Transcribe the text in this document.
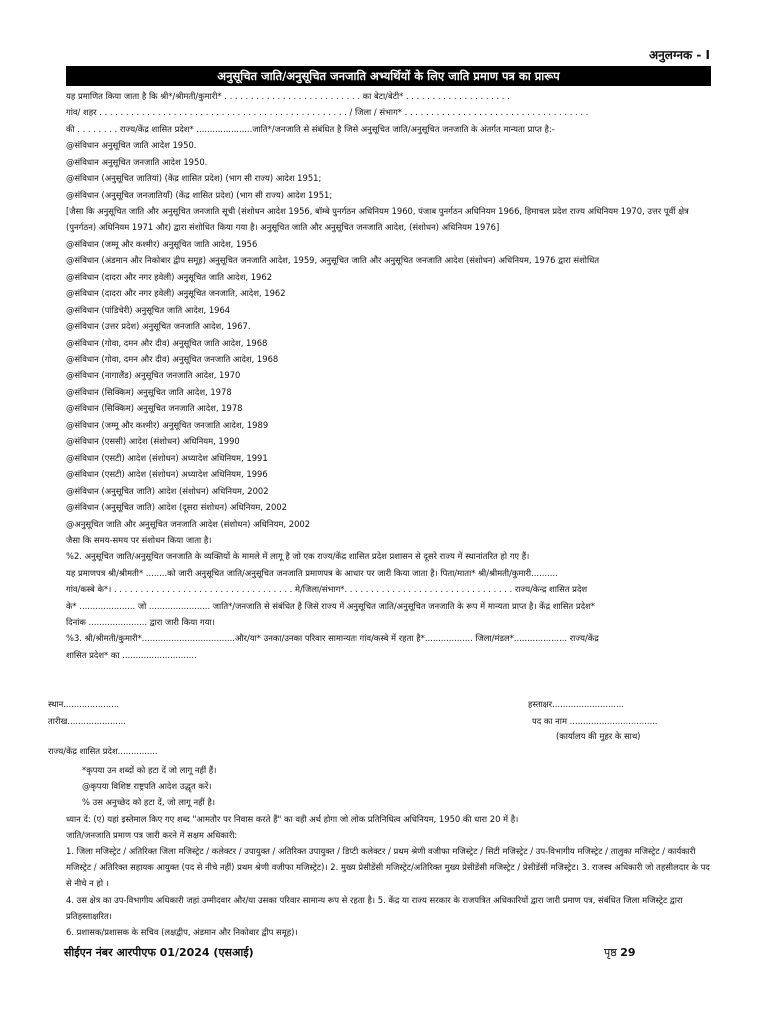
अनुलग्नक - I
अनुसूचित जाति/अनुसूचित जनजाति अभ्यर्थियों के लिए जाति प्रमाण पत्र का प्रारूप

यह प्रमाणित किया जाता है कि श्री*/श्रीमती/कुमारी* . . . . . . . . . . . . . . . . . . . . . . . . . . का बेटा/बेटी* . . . . . . . . . . . . . . . . . . . .

गांव/ शहर . . . . . . . . . . . . . . . . . . . . . . . . . . . . . . . . . . . . . . . . . . . . . . . / जिला / संभाग* . . . . . . . . . . . . . . . . . . . . . . . . . . . . . . . . . . .

की . . . . . . . . राज्य/केंद्र शासित प्रदेश* .....................जाति*/जनजाति से संबंधित है जिसे अनुसूचित जाति/अनुसूचित जनजाति के अंतर्गत मान्यता प्राप्त है:-

@संविधान अनुसूचित जाति आदेश 1950.

@संविधान अनुसूचित जनजाति आदेश 1950.

@संविधान (अनुसूचित जातियां) (केंद्र शासित प्रदेश) (भाग सी राज्य) आदेश 1951;

@संविधान (अनुसूचित जनजातियाँ) (केंद्र शासित प्रदेश) (भाग सी राज्य) आदेश 1951;

[जैसा कि अनुसूचित जाति और अनुसूचित जनजाति सूची (संशोधन आदेश 1956, बॉम्बे पुनर्गठन अधिनियम 1960, पंजाब पुनर्गठन अधिनियम 1966, हिमाचल प्रदेश राज्य अधिनियम 1970, उत्तर पूर्वी क्षेत्र (पुनर्गठन) अधिनियम 1971 और) द्वारा संशोधित किया गया है। अनुसूचित जाति और अनुसूचित जनजाति आदेश, (संशोधन) अधिनियम 1976]

@संविधान (जम्मू और कश्मीर) अनुसूचित जाति आदेश, 1956

@संविधान (अंडमान और निकोबार द्वीप समूह) अनुसूचित जनजाति आदेश, 1959, अनुसूचित जाति और अनुसूचित जनजाति आदेश (संशोधन) अधिनियम, 1976 द्वारा संशोधित

@संविधान (दादरा और नगर हवेली) अनुसूचित जाति आदेश, 1962

@संविधान (दादरा और नगर हवेली) अनुसूचित जनजाति, आदेश, 1962

@संविधान (पांडिचेरी) अनुसूचित जाति आदेश, 1964

@संविधान (उत्तर प्रदेश) अनुसूचित जनजाति आदेश, 1967.

@संविधान (गोवा, दमन और दीव) अनुसूचित जाति आदेश, 1968

@संविधान (गोवा, दमन और दीव) अनुसूचित जनजाति आदेश, 1968

@संविधान (नागालैंड) अनुसूचित जनजाति आदेश, 1970

@संविधान (सिक्किम) अनुसूचित जाति आदेश, 1978

@संविधान (सिक्किम) अनुसूचित जनजाति आदेश, 1978

@संविधान (जम्मू और कश्मीर) अनुसूचित जनजाति आदेश, 1989

@संविधान (एससी) आदेश (संशोधन) अधिनियम, 1990

@संविधान (एसटी) आदेश (संशोधन) अध्यादेश अधिनियम, 1991

@संविधान (एसटी) आदेश (संशोधन) अध्यादेश अधिनियम, 1996

@संविधान (अनुसूचित जाति) आदेश (संशोधन) अधिनियम, 2002

@संविधान (अनुसूचित जाति) आदेश (दूसरा संशोधन) अधिनियम, 2002

@अनुसूचित जाति और अनुसूचित जनजाति आदेश (संशोधन) अधिनियम, 2002

जैसा कि समय-समय पर संशोधन किया जाता है।

%2. अनुसूचित जाति/अनुसूचित जनजाति के व्यक्तियों के मामले में लागू है जो एक राज्य/केंद्र शासित प्रदेश प्रशासन से दूसरे राज्य में स्थानांतरित हो गए हैं।

यह प्रमाणपत्र श्री/श्रीमती* ........को जारी अनुसूचित जाति/अनुसूचित जनजाति प्रमाणपत्र के आधार पर जारी किया जाता है। पिता/माता* श्री/श्रीमती/कुमारी..........

गांव/कस्बे के*। . . . . . . . . . . . . . . . . . . . . . . . . . . . . . . . . . . मे/जिला/संभाग*. . . . . . . . . . . . . . . . . . . . . . . . . . . . . . . . राज्य/केन्द्र शासित प्रदेश

के* ..................... जो ....................... जाति*/जनजाति से संबंधित है जिसे राज्य में अनुसूचित जाति/अनुसूचित जनजाति के रूप में मान्यता प्राप्त है। केंद्र शासित प्रदेश*

दिनांक ...................... द्वारा जारी किया गया।

%3. श्री/श्रीमती/कुमारी*...................................और/या* उनका/उनका परिवार सामान्यतः गांव/कस्बे में रहता है*.................. जिला/मंडल*.................... राज्य/केंद्र

शासित प्रदेश* का ............................

स्थान.....................	हस्ताक्षर...........................
तारीख......................	पद का नाम .................................
(कार्यालय की मुहर के साथ)
राज्य/केंद्र शासित प्रदेश...............

*कृपया उन शब्दों को हटा दें जो लागू नहीं हैं।

@कृपया विशिष्ट राष्ट्रपति आदेश उद्धृत करें।

% उस अनुच्छेद को हटा दें, जो लागू नहीं है।

ध्यान दें: (ए) यहां इस्तेमाल किए गए शब्द "आमतौर पर निवास करते हैं" का वही अर्थ होगा जो लोक प्रतिनिधित्व अधिनियम, 1950 की धारा 20 में है।

जाति/जनजाति प्रमाण पत्र जारी करने में सक्षम अधिकारी:

1. जिला मजिस्ट्रेट / अतिरिक्त जिला मजिस्ट्रेट / कलेक्टर / उपायुक्त / अतिरिक्त उपायुक्त / डिप्टी कलेक्टर / प्रथम श्रेणी वजीफा मजिस्ट्रेट / सिटी मजिस्ट्रेट / उप-विभागीय मजिस्ट्रेट / तालुका मजिस्ट्रेट / कार्यकारी मजिस्ट्रेट / अतिरिक्त सहायक आयुक्त (पद से नीचे नहीं) प्रथम श्रेणी वजीफा मजिस्ट्रेट)। 2. मुख्य प्रेसीडेंसी मजिस्ट्रेट/अतिरिक्त मुख्य प्रेसीडेंसी मजिस्ट्रेट / प्रेसीडेंसी मजिस्ट्रेट। 3. राजस्व अधिकारी जो तहसीलदार के पद से नीचे न हो ।

4. उस क्षेत्र का उप-विभागीय अधिकारी जहां उम्मीदवार और/या उसका परिवार सामान्य रूप से रहता है। 5. केंद्र या राज्य सरकार के राजपत्रित अधिकारियों द्वारा जारी प्रमाण पत्र, संबंधित जिला मजिस्ट्रेट द्वारा प्रतिहस्ताक्षरित।

6. प्रशासक/प्रशासक के सचिव (लक्षद्वीप, अंडमान और निकोबार द्वीप समूह)।

सीईएन नंबर आरपीएफ 01/2024 (एसआई)	पृष्ठ 29
